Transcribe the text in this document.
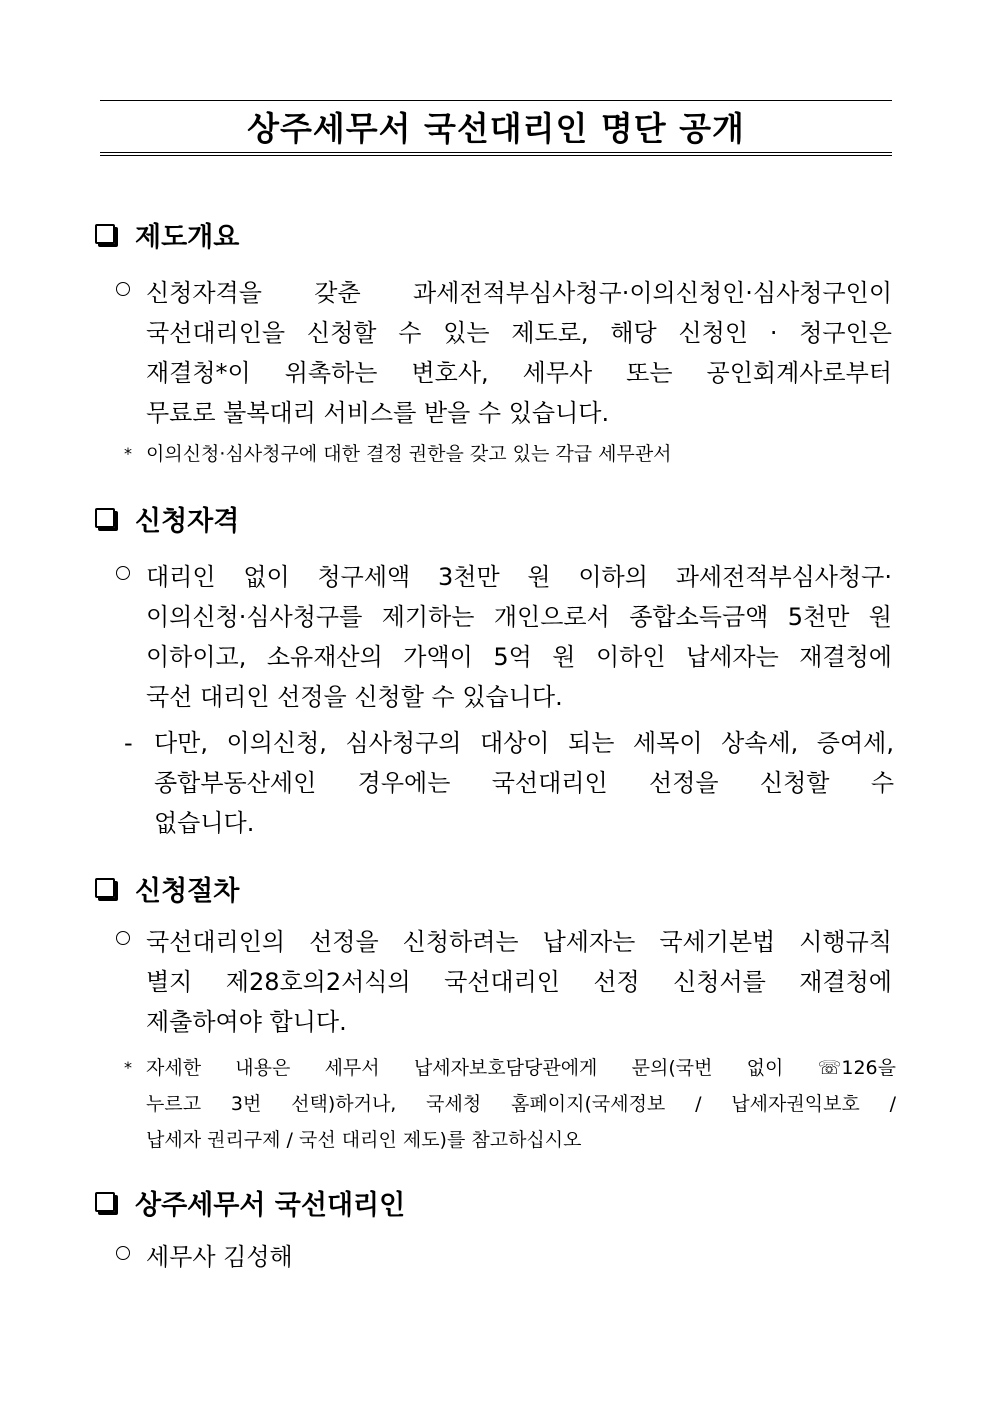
상주세무서 국선대리인 명단 공개
제도개요
신청자격을 갖춘 과세전적부심사청구·이의신청인·심사청구인이
국선대리인을 신청할 수 있는 제도로, 해당 신청인 · 청구인은
재결청*이 위촉하는 변호사, 세무사 또는 공인회계사로부터
무료로 불복대리 서비스를 받을 수 있습니다.
* 이의신청·심사청구에 대한 결정 권한을 갖고 있는 각급 세무관서
신청자격
대리인 없이 청구세액 3천만 원 이하의 과세전적부심사청구·
이의신청·심사청구를 제기하는 개인으로서 종합소득금액 5천만 원
이하이고, 소유재산의 가액이 5억 원 이하인 납세자는 재결청에
국선 대리인 선정을 신청할 수 있습니다.
- 다만, 이의신청, 심사청구의 대상이 되는 세목이 상속세, 증여세,
종합부동산세인 경우에는 국선대리인 선정을 신청할 수
없습니다.
신청절차
국선대리인의 선정을 신청하려는 납세자는 국세기본법 시행규칙
별지 제28호의2서식의 국선대리인 선정 신청서를 재결청에
제출하여야 합니다.
* 자세한 내용은 세무서 납세자보호담당관에게 문의(국번 없이 ☏126을
누르고 3번 선택)하거나, 국세청 홈페이지(국세정보 / 납세자권익보호 /
납세자 권리구제 / 국선 대리인 제도)를 참고하십시오
상주세무서 국선대리인
세무사 김성해
